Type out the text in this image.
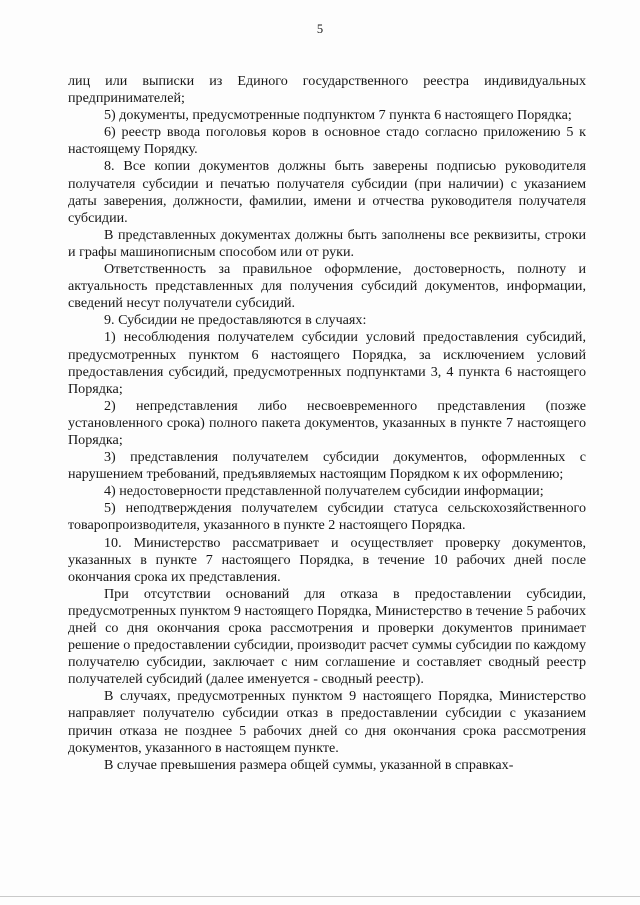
5

лиц или выписки из Единого государственного реестра индивидуальных предпринимателей;

5) документы, предусмотренные подпунктом 7 пункта 6 настоящего Порядка;

6) реестр ввода поголовья коров в основное стадо согласно приложению 5 к настоящему Порядку.

8. Все копии документов должны быть заверены подписью руководителя получателя субсидии и печатью получателя субсидии (при наличии) с указанием даты заверения, должности, фамилии, имени и отчества руководителя получателя субсидии.

В представленных документах должны быть заполнены все реквизиты, строки и графы машинописным способом или от руки.

Ответственность за правильное оформление, достоверность, полноту и актуальность представленных для получения субсидий документов, информации, сведений несут получатели субсидий.

9. Субсидии не предоставляются в случаях:

1) несоблюдения получателем субсидии условий предоставления субсидий, предусмотренных пунктом 6 настоящего Порядка, за исключением условий предоставления субсидий, предусмотренных подпунктами 3, 4 пункта 6 настоящего Порядка;

2) непредставления либо несвоевременного представления (позже установленного срока) полного пакета документов, указанных в пункте 7 настоящего Порядка;

3) представления получателем субсидии документов, оформленных с нарушением требований, предъявляемых настоящим Порядком к их оформлению;

4) недостоверности представленной получателем субсидии информации;

5) неподтверждения получателем субсидии статуса сельскохозяйственного товаропроизводителя, указанного в пункте 2 настоящего Порядка.

10. Министерство рассматривает и осуществляет проверку документов, указанных в пункте 7 настоящего Порядка, в течение 10 рабочих дней после окончания срока их представления.

При отсутствии оснований для отказа в предоставлении субсидии, предусмотренных пунктом 9 настоящего Порядка, Министерство в течение 5 рабочих дней со дня окончания срока рассмотрения и проверки документов принимает решение о предоставлении субсидии, производит расчет суммы субсидии по каждому получателю субсидии, заключает с ним соглашение и составляет сводный реестр получателей субсидий (далее именуется - сводный реестр).

В случаях, предусмотренных пунктом 9 настоящего Порядка, Министерство направляет получателю субсидии отказ в предоставлении субсидии с указанием причин отказа не позднее 5 рабочих дней со дня окончания срока рассмотрения документов, указанного в настоящем пункте.

В случае превышения размера общей суммы, указанной в справках-
